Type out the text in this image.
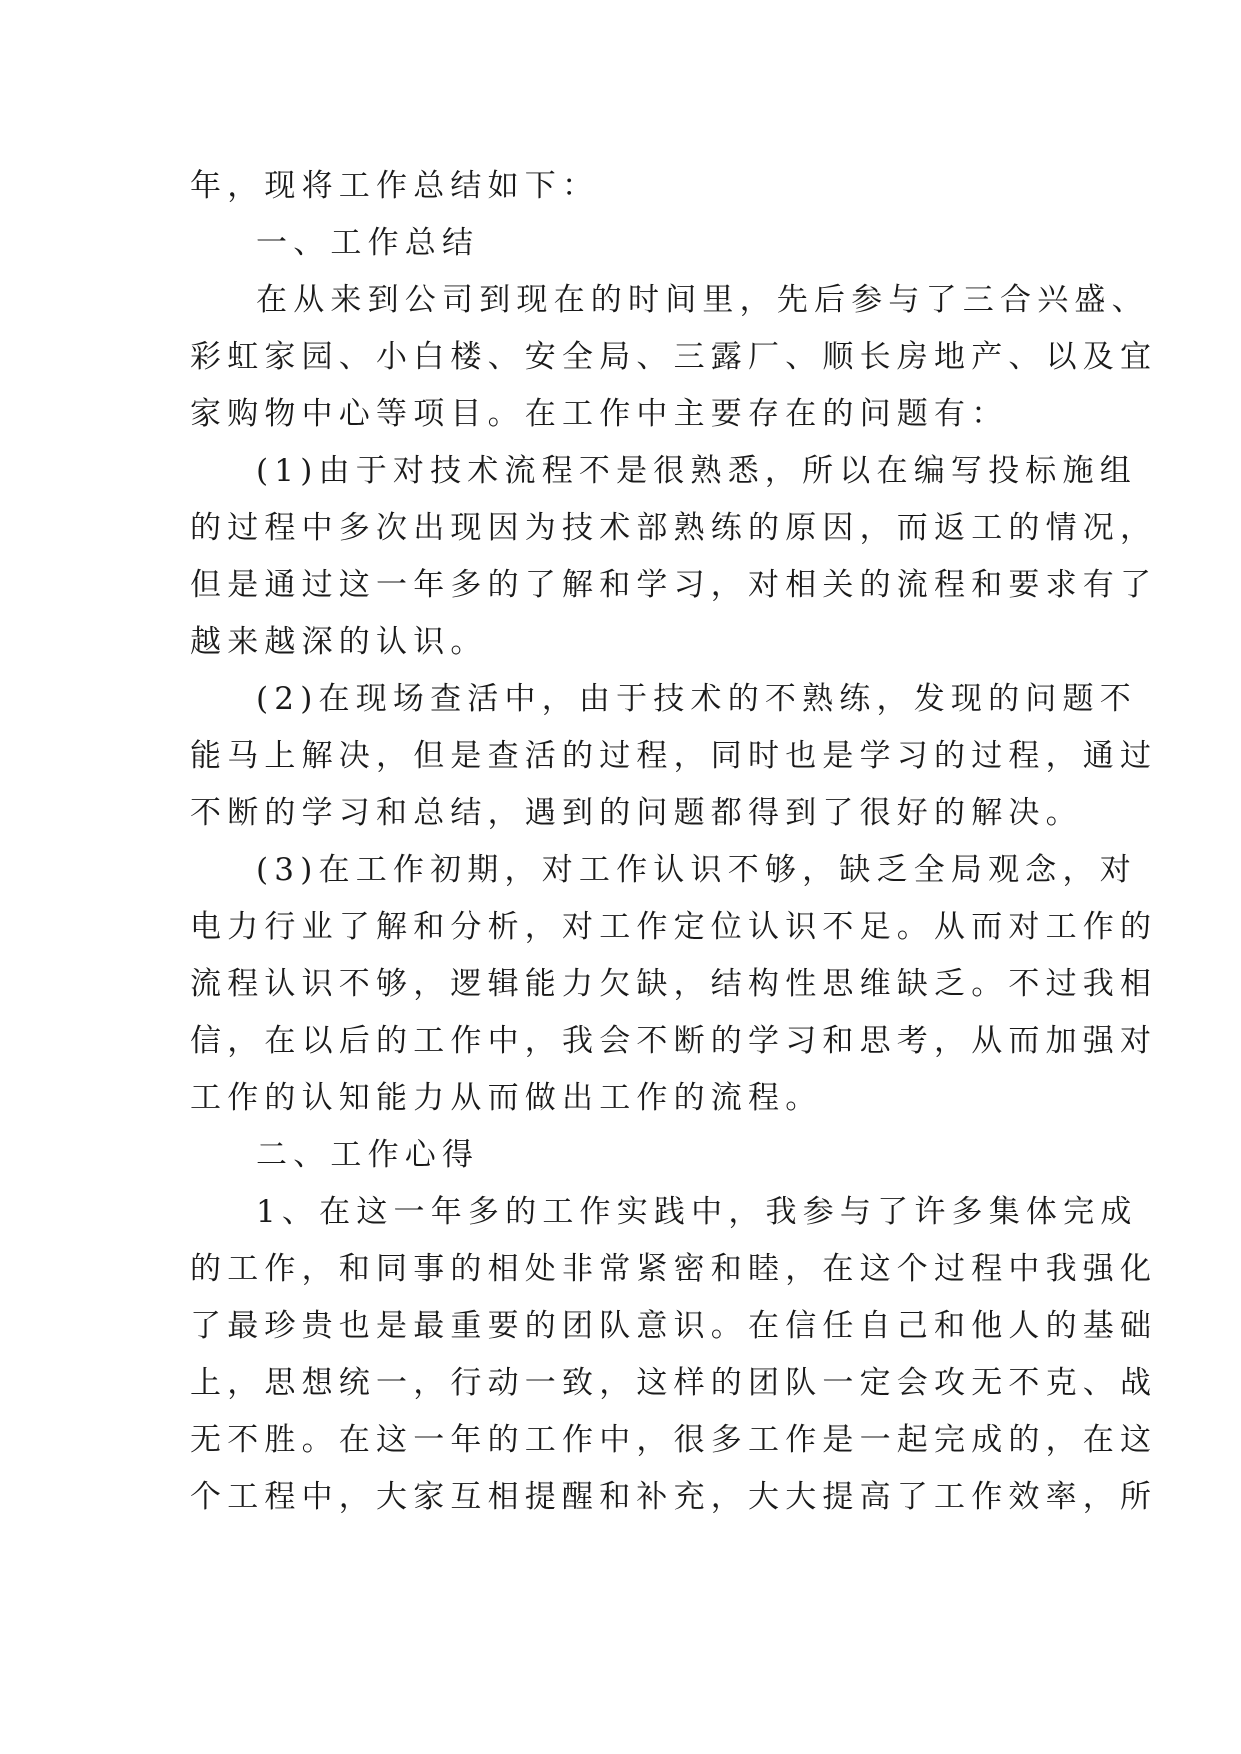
年，现将工作总结如下：
一、工作总结
在从来到公司到现在的时间里，先后参与了三合兴盛、
彩虹家园、小白楼、安全局、三露厂、顺长房地产、以及宜
家购物中心等项目。在工作中主要存在的问题有：
(1)由于对技术流程不是很熟悉，所以在编写投标施组
的过程中多次出现因为技术部熟练的原因，而返工的情况，
但是通过这一年多的了解和学习，对相关的流程和要求有了
越来越深的认识。
(2)在现场查活中，由于技术的不熟练，发现的问题不
能马上解决，但是查活的过程，同时也是学习的过程，通过
不断的学习和总结，遇到的问题都得到了很好的解决。
(3)在工作初期，对工作认识不够，缺乏全局观念，对
电力行业了解和分析，对工作定位认识不足。从而对工作的
流程认识不够，逻辑能力欠缺，结构性思维缺乏。不过我相
信，在以后的工作中，我会不断的学习和思考，从而加强对
工作的认知能力从而做出工作的流程。
二、工作心得
1、在这一年多的工作实践中，我参与了许多集体完成
的工作，和同事的相处非常紧密和睦，在这个过程中我强化
了最珍贵也是最重要的团队意识。在信任自己和他人的基础
上，思想统一，行动一致，这样的团队一定会攻无不克、战
无不胜。在这一年的工作中，很多工作是一起完成的，在这
个工程中，大家互相提醒和补充，大大提高了工作效率，所
